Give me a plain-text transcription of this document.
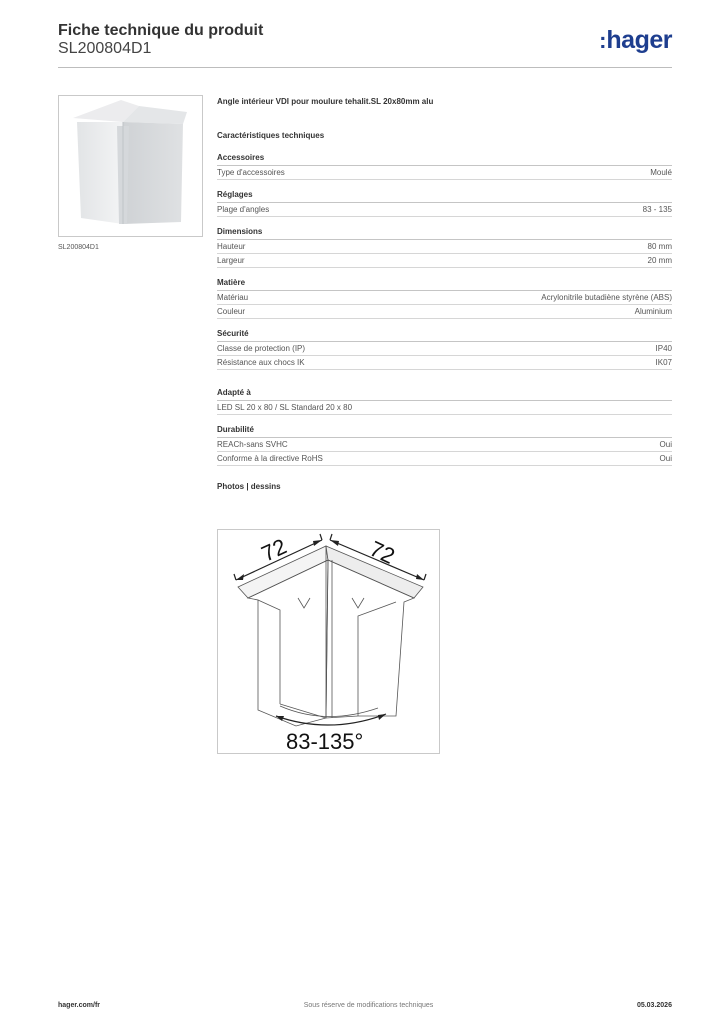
Fiche technique du produit
SL200804D1	:hager
SL200804D1
Angle intérieur VDI pour moulure tehalit.SL 20x80mm alu
Caractéristiques techniques
Accessoires
Type d'accessoires	Moulé
Réglages
Plage d'angles	83 - 135
Dimensions
Hauteur	80 mm
Largeur	20 mm
Matière
Matériau	Acrylonitrile butadiène styrène (ABS)
Couleur	Aluminium
Sécurité
Classe de protection (IP)	IP40
Résistance aux chocs IK	IK07
Adapté à
LED SL 20 x 80 / SL Standard 20 x 80
Durabilité
REACh-sans SVHC	Oui
Conforme à la directive RoHS	Oui
Photos | dessins
72	72
83-135°
hager.com/fr	Sous réserve de modifications techniques	05.03.2026
